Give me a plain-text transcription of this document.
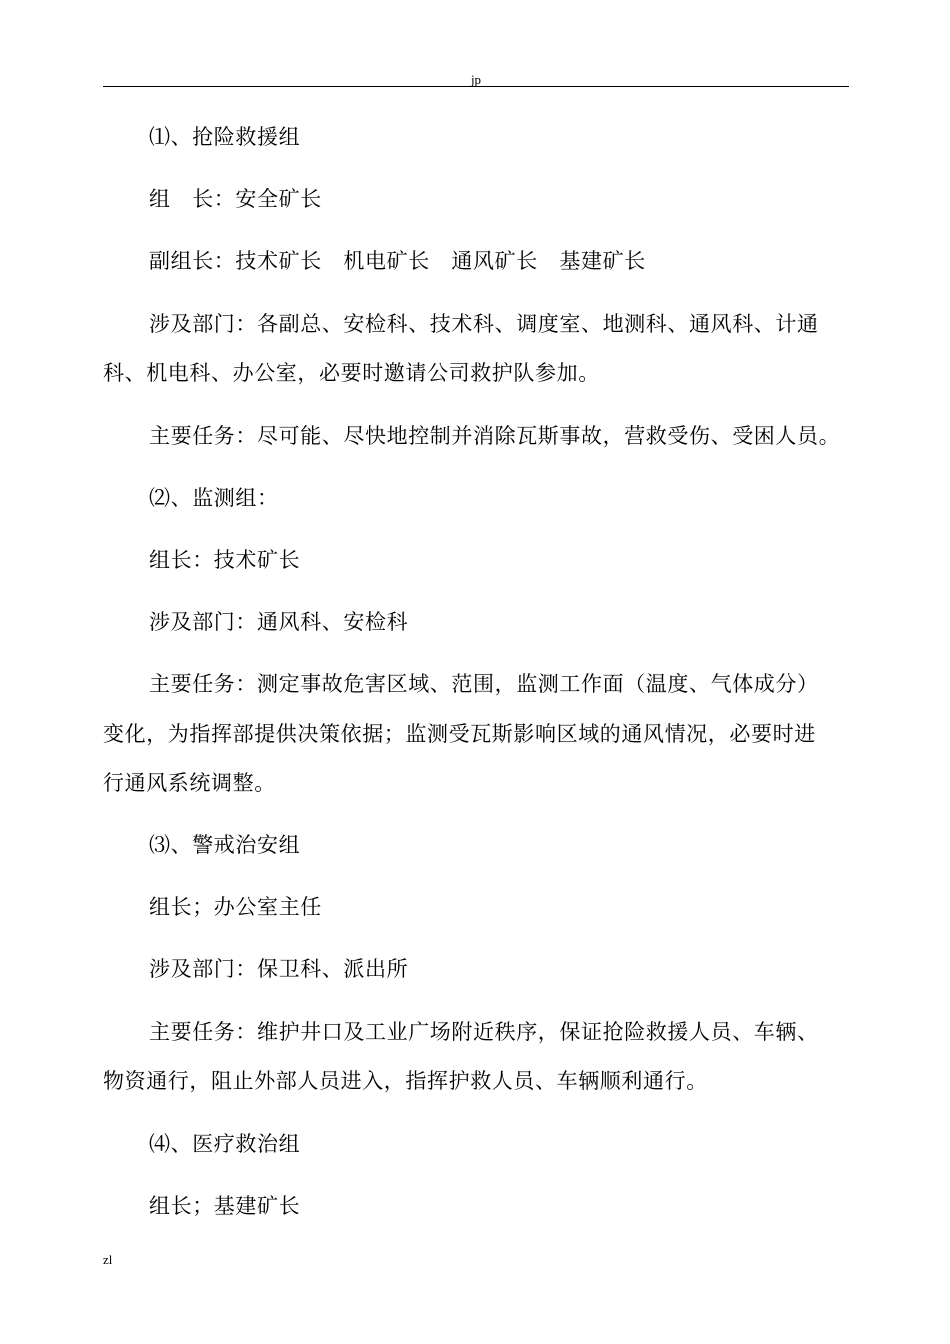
jp
⑴、抢险救援组
组　长：安全矿长
副组长：技术矿长　机电矿长　通风矿长　基建矿长
涉及部门：各副总、安检科、技术科、调度室、地测科、通风科、计通
科、机电科、办公室，必要时邀请公司救护队参加。
主要任务：尽可能、尽快地控制并消除瓦斯事故，营救受伤、受困人员。
⑵、监测组：
组长：技术矿长
涉及部门：通风科、安检科
主要任务：测定事故危害区域、范围，监测工作面（温度、气体成分）
变化，为指挥部提供决策依据；监测受瓦斯影响区域的通风情况，必要时进
行通风系统调整。
⑶、警戒治安组
组长；办公室主任
涉及部门：保卫科、派出所
主要任务：维护井口及工业广场附近秩序，保证抢险救援人员、车辆、
物资通行，阻止外部人员进入，指挥护救人员、车辆顺利通行。
⑷、医疗救治组
组长；基建矿长
zl
